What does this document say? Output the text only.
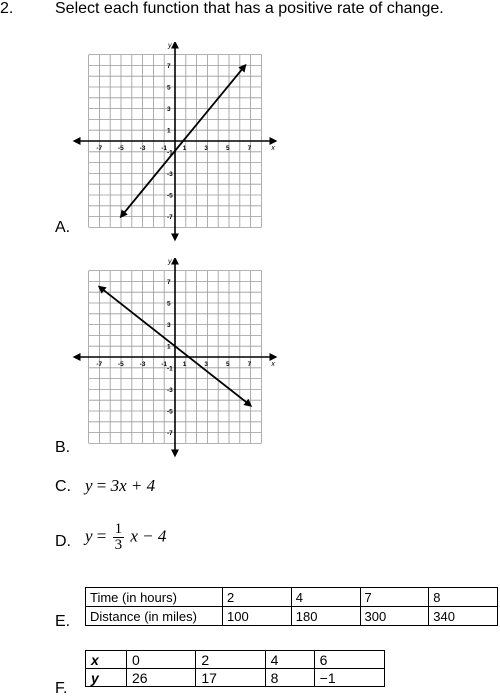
2.	Select each function that has a positive rate of change.
x
y
-7 -5 -3 -1 1	3	5	7
7
5
3
1
-1
-3
-5
-7
A.
x
y
-7 -5 -3 -1 1	3	5	7
7
5
3
1
-1
-3
-5
-7
B.
C. y = 3x + 4
D. $y = \frac{1}{3}$ x − 4
E.
Time (in hours)	2	4	7	8
Distance (in miles)	100	180	300	340
F.
x	0	2	4	6
y	26	17	8	−1
